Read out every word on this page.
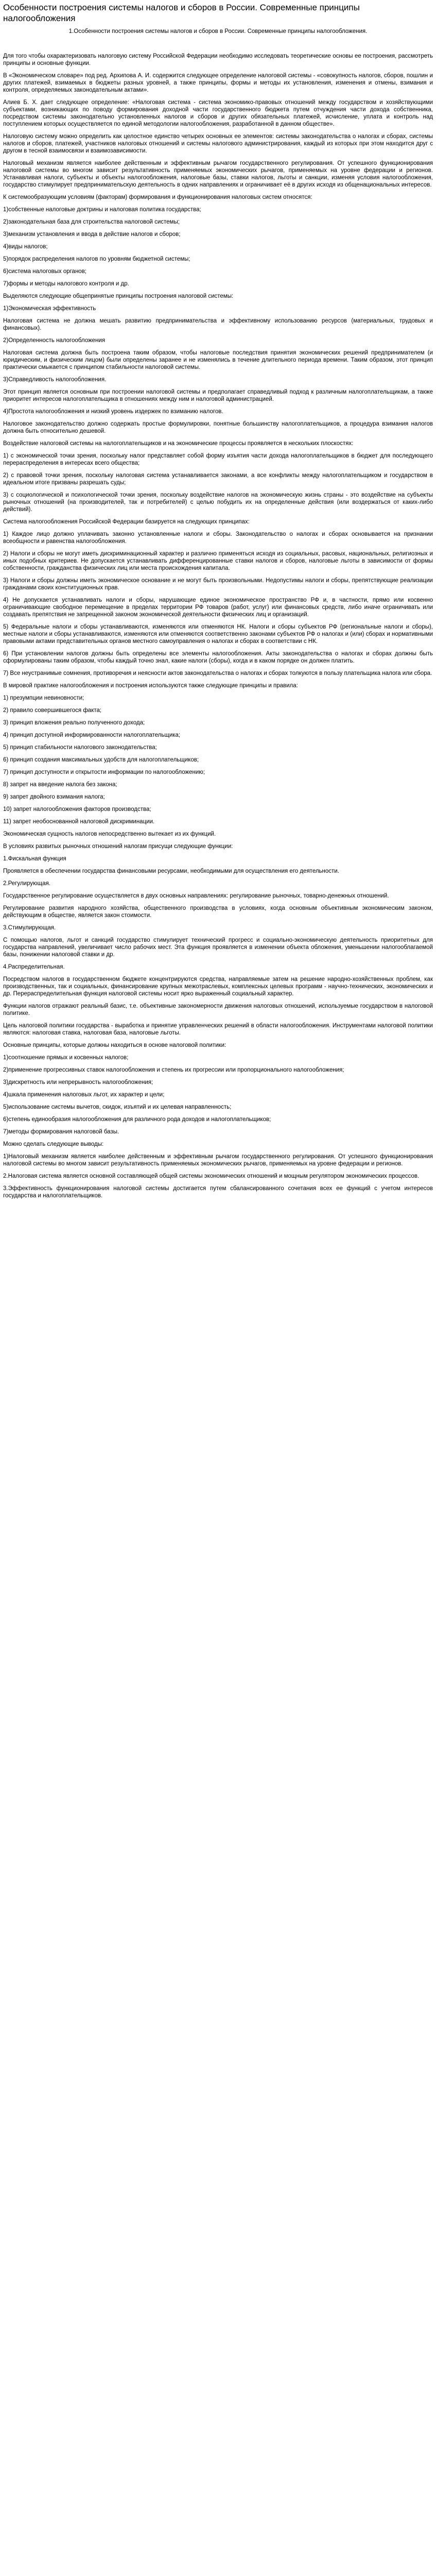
Особенности построения системы налогов и сборов в России. Современные принципы налогообложения
1.Особенности построения системы налогов и сборов в России. Современные принципы налогообложения.

Для того чтобы охарактеризовать налоговую систему Российской Федерации необходимо исследовать теоретические основы ее построения, рассмотреть принципы и основные функции.

В «Экономическом словаре» под ред. Архипова А. И. содержится следующее определение налоговой системы - «совокупность налогов, сборов, пошлин и других платежей, взимаемых в бюджеты разных уровней, а также принципы, формы и методы их установления, изменения и отмены, взимания и контроля, определяемых законодательным актами».

Алиев Б. Х. дает следующее определение: «Налоговая система - система экономико-правовых отношений между государством и хозяйствующими субъектами, возникающих по поводу формирования доходной части государственного бюджета путем отчуждения части дохода собственника, посредством системы законодательно установленных налогов и сборов и других обязательных платежей, исчисление, уплата и контроль над поступлением которых осуществляется по единой методологии налогообложения, разработанной в данном обществе».

Налоговую систему можно определить как целостное единство четырех основных ее элементов: системы законодательства о налогах и сборах, системы налогов и сборов, платежей, участников налоговых отношений и системы налогового администрирования, каждый из которых при этом находится друг с другом в тесной взаимосвязи и взаимозависимости.

Налоговый механизм является наиболее действенным и эффективным рычагом государственного регулирования. От успешного функционирования налоговой системы во многом зависит результативность применяемых экономических рычагов, применяемых на уровне федерации и регионов. Устанавливая налоги, субъекты и объекты налогообложения, налоговые базы, ставки налогов, льготы и санкции, изменяя условия налогообложения, государство стимулирует предпринимательскую деятельность в одних направлениях и ограничивает её в других исходя из общенациональных интересов.

К системообразующим условиям (факторам) формирования и функционирования налоговых систем относятся:

1)собственные налоговые доктрины и налоговая политика государства;

2)законодательная база для строительства налоговой системы;

3)механизм установления и ввода в действие налогов и сборов;

4)виды налогов;

5)порядок распределения налогов по уровням бюджетной системы;

6)система налоговых органов;

7)формы и методы налогового контроля и др.

Выделяются следующие общепринятые принципы построения налоговой системы:

1)Экономическая эффективность

Налоговая система не должна мешать развитию предпринимательства и эффективному использованию ресурсов (материальных, трудовых и финансовых).

2)Определенность налогообложения

Налоговая система должна быть построена таким образом, чтобы налоговые последствия принятия экономических решений предпринимателем (и юридическим, и физическим лицом) были определены заранее и не изменялись в течение длительного периода времени. Таким образом, этот принцип практически смыкается с принципом стабильности налоговой системы.

3)Справедливость налогообложения.

Этот принцип является основным при построении налоговой системы и предполагает справедливый подход к различным налогоплательщикам, а также приоритет интересов налогоплательщика в отношениях между ним и налоговой администрацией.

4)Простота налогообложения и низкий уровень издержек по взиманию налогов.

Налоговое законодательство должно содержать простые формулировки, понятные большинству налогоплательщиков, а процедура взимания налогов должна быть относительно дешевой.

Воздействие налоговой системы на налогоплательщиков и на экономические процессы проявляется в нескольких плоскостях:

1) с экономической точки зрения, поскольку налог представляет собой форму изъятия части дохода налогоплательщиков в бюджет для последующего перераспределения в интересах всего общества;

2) с правовой точки зрения, поскольку налоговая система устанавливается законами, а все конфликты между налогоплательщиком и государством в идеальном итоге призваны разрешать суды;

3) с социологической и психологической точки зрения, поскольку воздействие налогов на экономическую жизнь страны - это воздействие на субъекты рыночных отношений (на производителей, так и потребителей) с целью побудить их на определенные действия (или воздержаться от каких-либо действий).

Система налогообложения Российской Федерации базируется на следующих принципах:

1) Каждое лицо должно уплачивать законно установленные налоги и сборы. Законодательство о налогах и сборах основывается на признании всеобщности и равенства налогообложения.

2) Налоги и сборы не могут иметь дискриминационный характер и различно применяться исходя из социальных, расовых, национальных, религиозных и иных подобных критериев. Не допускается устанавливать дифференцированные ставки налогов и сборов, налоговые льготы в зависимости от формы собственности, гражданства физических лиц или места происхождения капитала.

3) Налоги и сборы должны иметь экономическое основание и не могут быть произвольными. Недопустимы налоги и сборы, препятствующие реализации гражданами своих конституционных прав.

4) Не допускается устанавливать налоги и сборы, нарушающие единое экономическое пространство РФ и, в частности, прямо или косвенно ограничивающие свободное перемещение в пределах территории РФ товаров (работ, услуг) или финансовых средств, либо иначе ограничивать или создавать препятствия не запрещенной законом экономической деятельности физических лиц и организаций.

5) Федеральные налоги и сборы устанавливаются, изменяются или отменяются НК. Налоги и сборы субъектов РФ (региональные налоги и сборы), местные налоги и сборы устанавливаются, изменяются или отменяются соответственно законами субъектов РФ о налогах и (или) сборах и нормативными правовыми актами представительных органов местного самоуправления о налогах и сборах в соответствии с НК.

6) При установлении налогов должны быть определены все элементы налогообложения. Акты законодательства о налогах и сборах должны быть сформулированы таким образом, чтобы каждый точно знал, какие налоги (сборы), когда и в каком порядке он должен платить.

7) Все неустранимые сомнения, противоречия и неясности актов законодательства о налогах и сборах толкуются в пользу плательщика налога или сбора.

В мировой практике налогообложения и построения используются также следующие принципы и правила:

1) презумпции невиновности;

2) правило совершившегося факта;

3) принцип вложения реально полученного дохода;

4) принцип доступной информированности налогоплательщика;

5) принцип стабильности налогового законодательства;

6) принцип создания максимальных удобств для налогоплательщиков;

7) принцип доступности и открытости информации по налогообложению;

8) запрет на введение налога без закона;

9) запрет двойного взимания налога;

10) запрет налогообложения факторов производства;

11) запрет необоснованной налоговой дискриминации.

Экономическая сущность налогов непосредственно вытекает из их функций.

В условиях развитых рыночных отношений налогам присущи следующие функции:

1.Фискальная функция

Проявляется в обеспечении государства финансовыми ресурсами, необходимыми для осуществления его деятельности.

2.Регулирующая.

Государственное регулирование осуществляется в двух основных направлениях: регулирование рыночных, товарно-денежных отношений.

Регулирование развития народного хозяйства, общественного производства в условиях, когда основным объективным экономическим законом, действующим в обществе, является закон стоимости.

3.Стимулирующая.

С помощью налогов, льгот и санкций государство стимулирует технический прогресс и социально-экономическую деятельность приоритетных для государства направлений, увеличивает число рабочих мест. Эта функция проявляется в изменении объекта обложения, уменьшении налогооблагаемой базы, понижении налоговой ставки и др.

4.Распределительная.

Посредством налогов в государственном бюджете концентрируются средства, направляемые затем на решение народно-хозяйственных проблем, как производственных, так и социальных, финансирование крупных межотраслевых, комплексных целевых программ - научно-технических, экономических и др. Перераспределительная функция налоговой системы носит ярко выраженный социальный характер.

Функции налогов отражают реальный базис, т.е. объективные закономерности движения налоговых отношений, используемые государством в налоговой политике.

Цель налоговой политики государства - выработка и принятие управленческих решений в области налогообложения. Инструментами налоговой политики являются: налоговая ставка, налоговая база, налоговые льготы.

Основные принципы, которые должны находиться в основе налоговой политики:

1)соотношение прямых и косвенных налогов;

2)применение прогрессивных ставок налогообложения и степень их прогрессии или пропорционального налогообложения;

3)дискретность или непрерывность налогообложения;

4)шкала применения налоговых льгот, их характер и цели;

5)использование системы вычетов, скидок, изъятий и их целевая направленность;

6)степень единообразия налогообложения для различного рода доходов и налогоплательщиков;

7)методы формирования налоговой базы.

Можно сделать следующие выводы:

1)Налоговый механизм является наиболее действенным и эффективным рычагом государственного регулирования. От успешного функционирования налоговой системы во многом зависит результативность применяемых экономических рычагов, применяемых на уровне федерации и регионов.

2.Налоговая система является основной составляющей общей системы экономических отношений и мощным регулятором экономических процессов.

3.Эффективность функционирования налоговой системы достигается путем сбалансированного сочетания всех ее функций с учетом интересов государства и налогоплательщиков.
